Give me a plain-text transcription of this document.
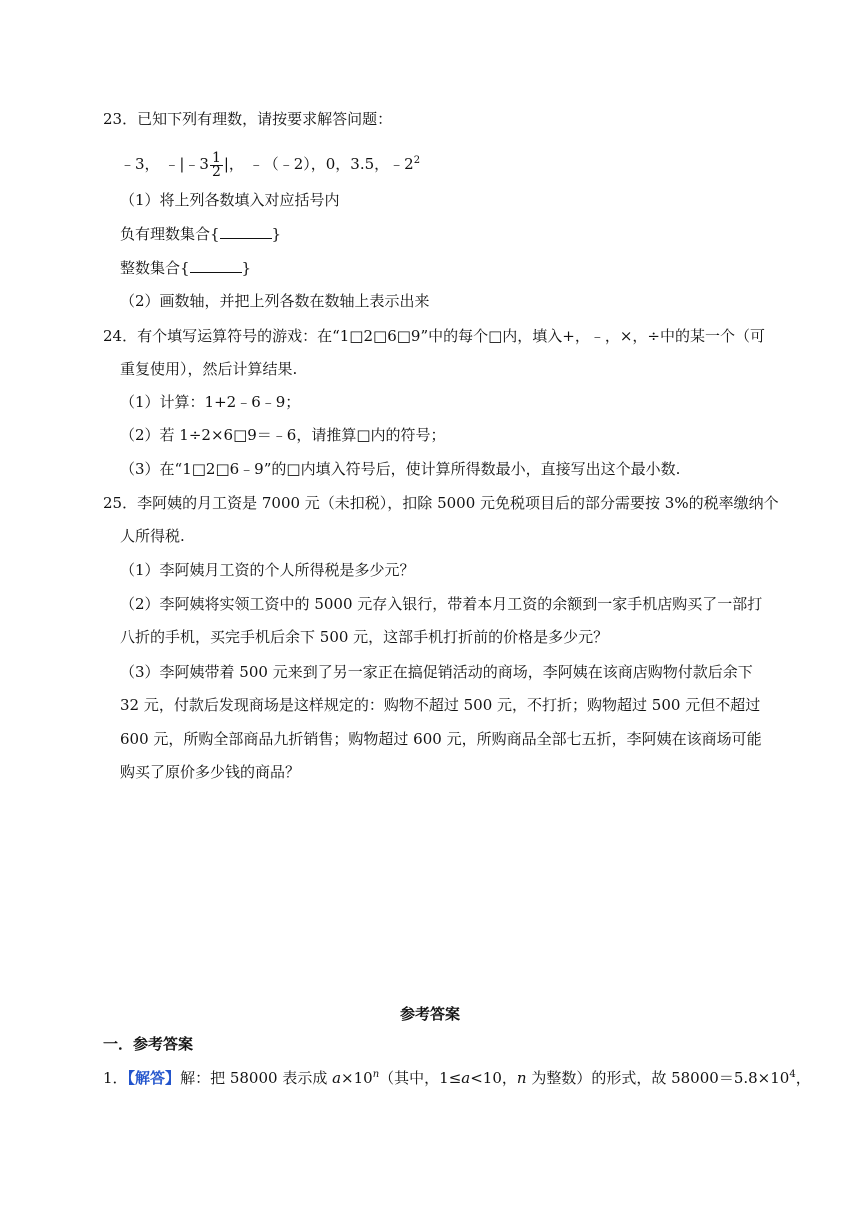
23．已知下列有理数，请按要求解答问题：
﹣3， ﹣|﹣3 $\frac{1}{2}$ |， ﹣（﹣2），0，3.5，$﹣2^2$
（1）将上列各数填入对应括号内
负有理数集合{	}
整数集合{	}
（2）画数轴，并把上列各数在数轴上表示出来
24．有个填写运算符号的游戏：在“1□2□6□9”中的每个□内，填入+，﹣，×，÷中的某一个（可
重复使用），然后计算结果.
（1）计算：1+2﹣6﹣9；
（2）若 1÷2×6□9＝﹣6，请推算□内的符号；
（3）在“1□2□6﹣9”的□内填入符号后，使计算所得数最小，直接写出这个最小数.
25．李阿姨的月工资是 7000 元（未扣税），扣除 5000 元免税项目后的部分需要按 3%的税率缴纳个
人所得税.
（1）李阿姨月工资的个人所得税是多少元？
（2）李阿姨将实领工资中的 5000 元存入银行，带着本月工资的余额到一家手机店购买了一部打
八折的手机，买完手机后余下 500 元，这部手机打折前的价格是多少元？
（3）李阿姨带着 500 元来到了另一家正在搞促销活动的商场，李阿姨在该商店购物付款后余下
32 元，付款后发现商场是这样规定的：购物不超过 500 元，不打折；购物超过 500 元但不超过
600 元，所购全部商品九折销售；购物超过 600 元，所购商品全部七五折，李阿姨在该商场可能
购买了原价多少钱的商品？
参考答案
一．参考答案
1．【解答】解：把 58000 表示成 $a\times 10^n$（其中，1≤a<10，n 为整数）的形式，故 $58000=5.8\times 10^4$，
